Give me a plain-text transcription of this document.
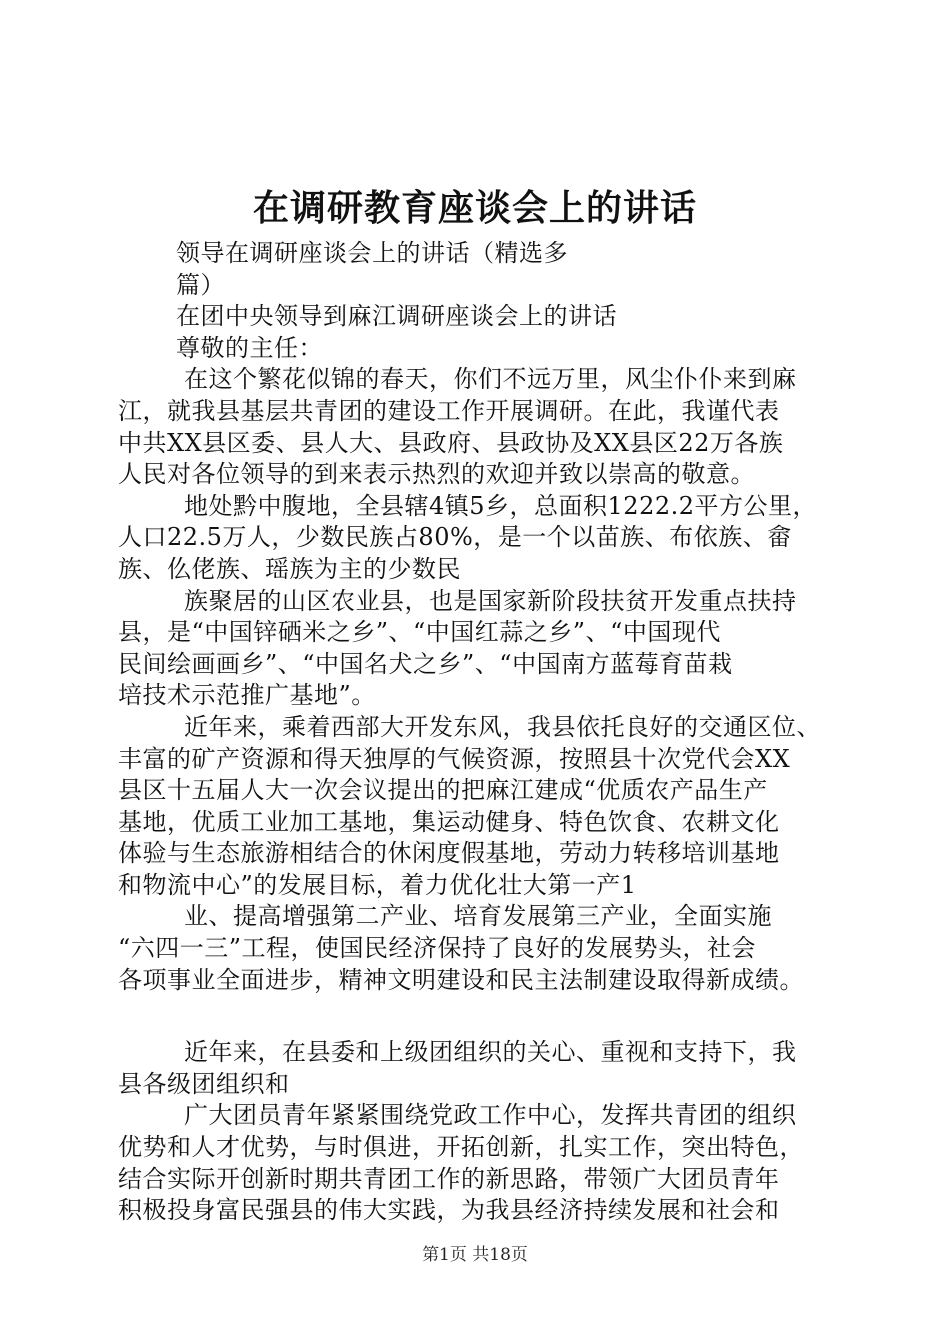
在调研教育座谈会上的讲话
领导在调研座谈会上的讲话（精选多
篇）
在团中央领导到麻江调研座谈会上的讲话
尊敬的主任：
在这个繁花似锦的春天，你们不远万里，风尘仆仆来到麻
江，就我县基层共青团的建设工作开展调研。在此，我谨代表
中共XX县区委、县人大、县政府、县政协及XX县区22万各族
人民对各位领导的到来表示热烈的欢迎并致以崇高的敬意。
地处黔中腹地，全县辖4镇5乡，总面积1222.2平方公里，
人口22.5万人，少数民族占80%，是一个以苗族、布依族、畲
族、仫佬族、瑶族为主的少数民
族聚居的山区农业县，也是国家新阶段扶贫开发重点扶持
县，是“中国锌硒米之乡”、“中国红蒜之乡”、“中国现代
民间绘画画乡”、“中国名犬之乡”、“中国南方蓝莓育苗栽
培技术示范推广基地”。
近年来，乘着西部大开发东风，我县依托良好的交通区位、
丰富的矿产资源和得天独厚的气候资源，按照县十次党代会XX
县区十五届人大一次会议提出的把麻江建成“优质农产品生产
基地，优质工业加工基地，集运动健身、特色饮食、农耕文化
体验与生态旅游相结合的休闲度假基地，劳动力转移培训基地
和物流中心”的发展目标，着力优化壮大第一产1
业、提高增强第二产业、培育发展第三产业，全面实施
“六四一三”工程，使国民经济保持了良好的发展势头，社会
各项事业全面进步，精神文明建设和民主法制建设取得新成绩。
近年来，在县委和上级团组织的关心、重视和支持下，我
县各级团组织和
广大团员青年紧紧围绕党政工作中心，发挥共青团的组织
优势和人才优势，与时俱进，开拓创新，扎实工作，突出特色，
结合实际开创新时期共青团工作的新思路，带领广大团员青年
积极投身富民强县的伟大实践，为我县经济持续发展和社会和
第1页 共18页
